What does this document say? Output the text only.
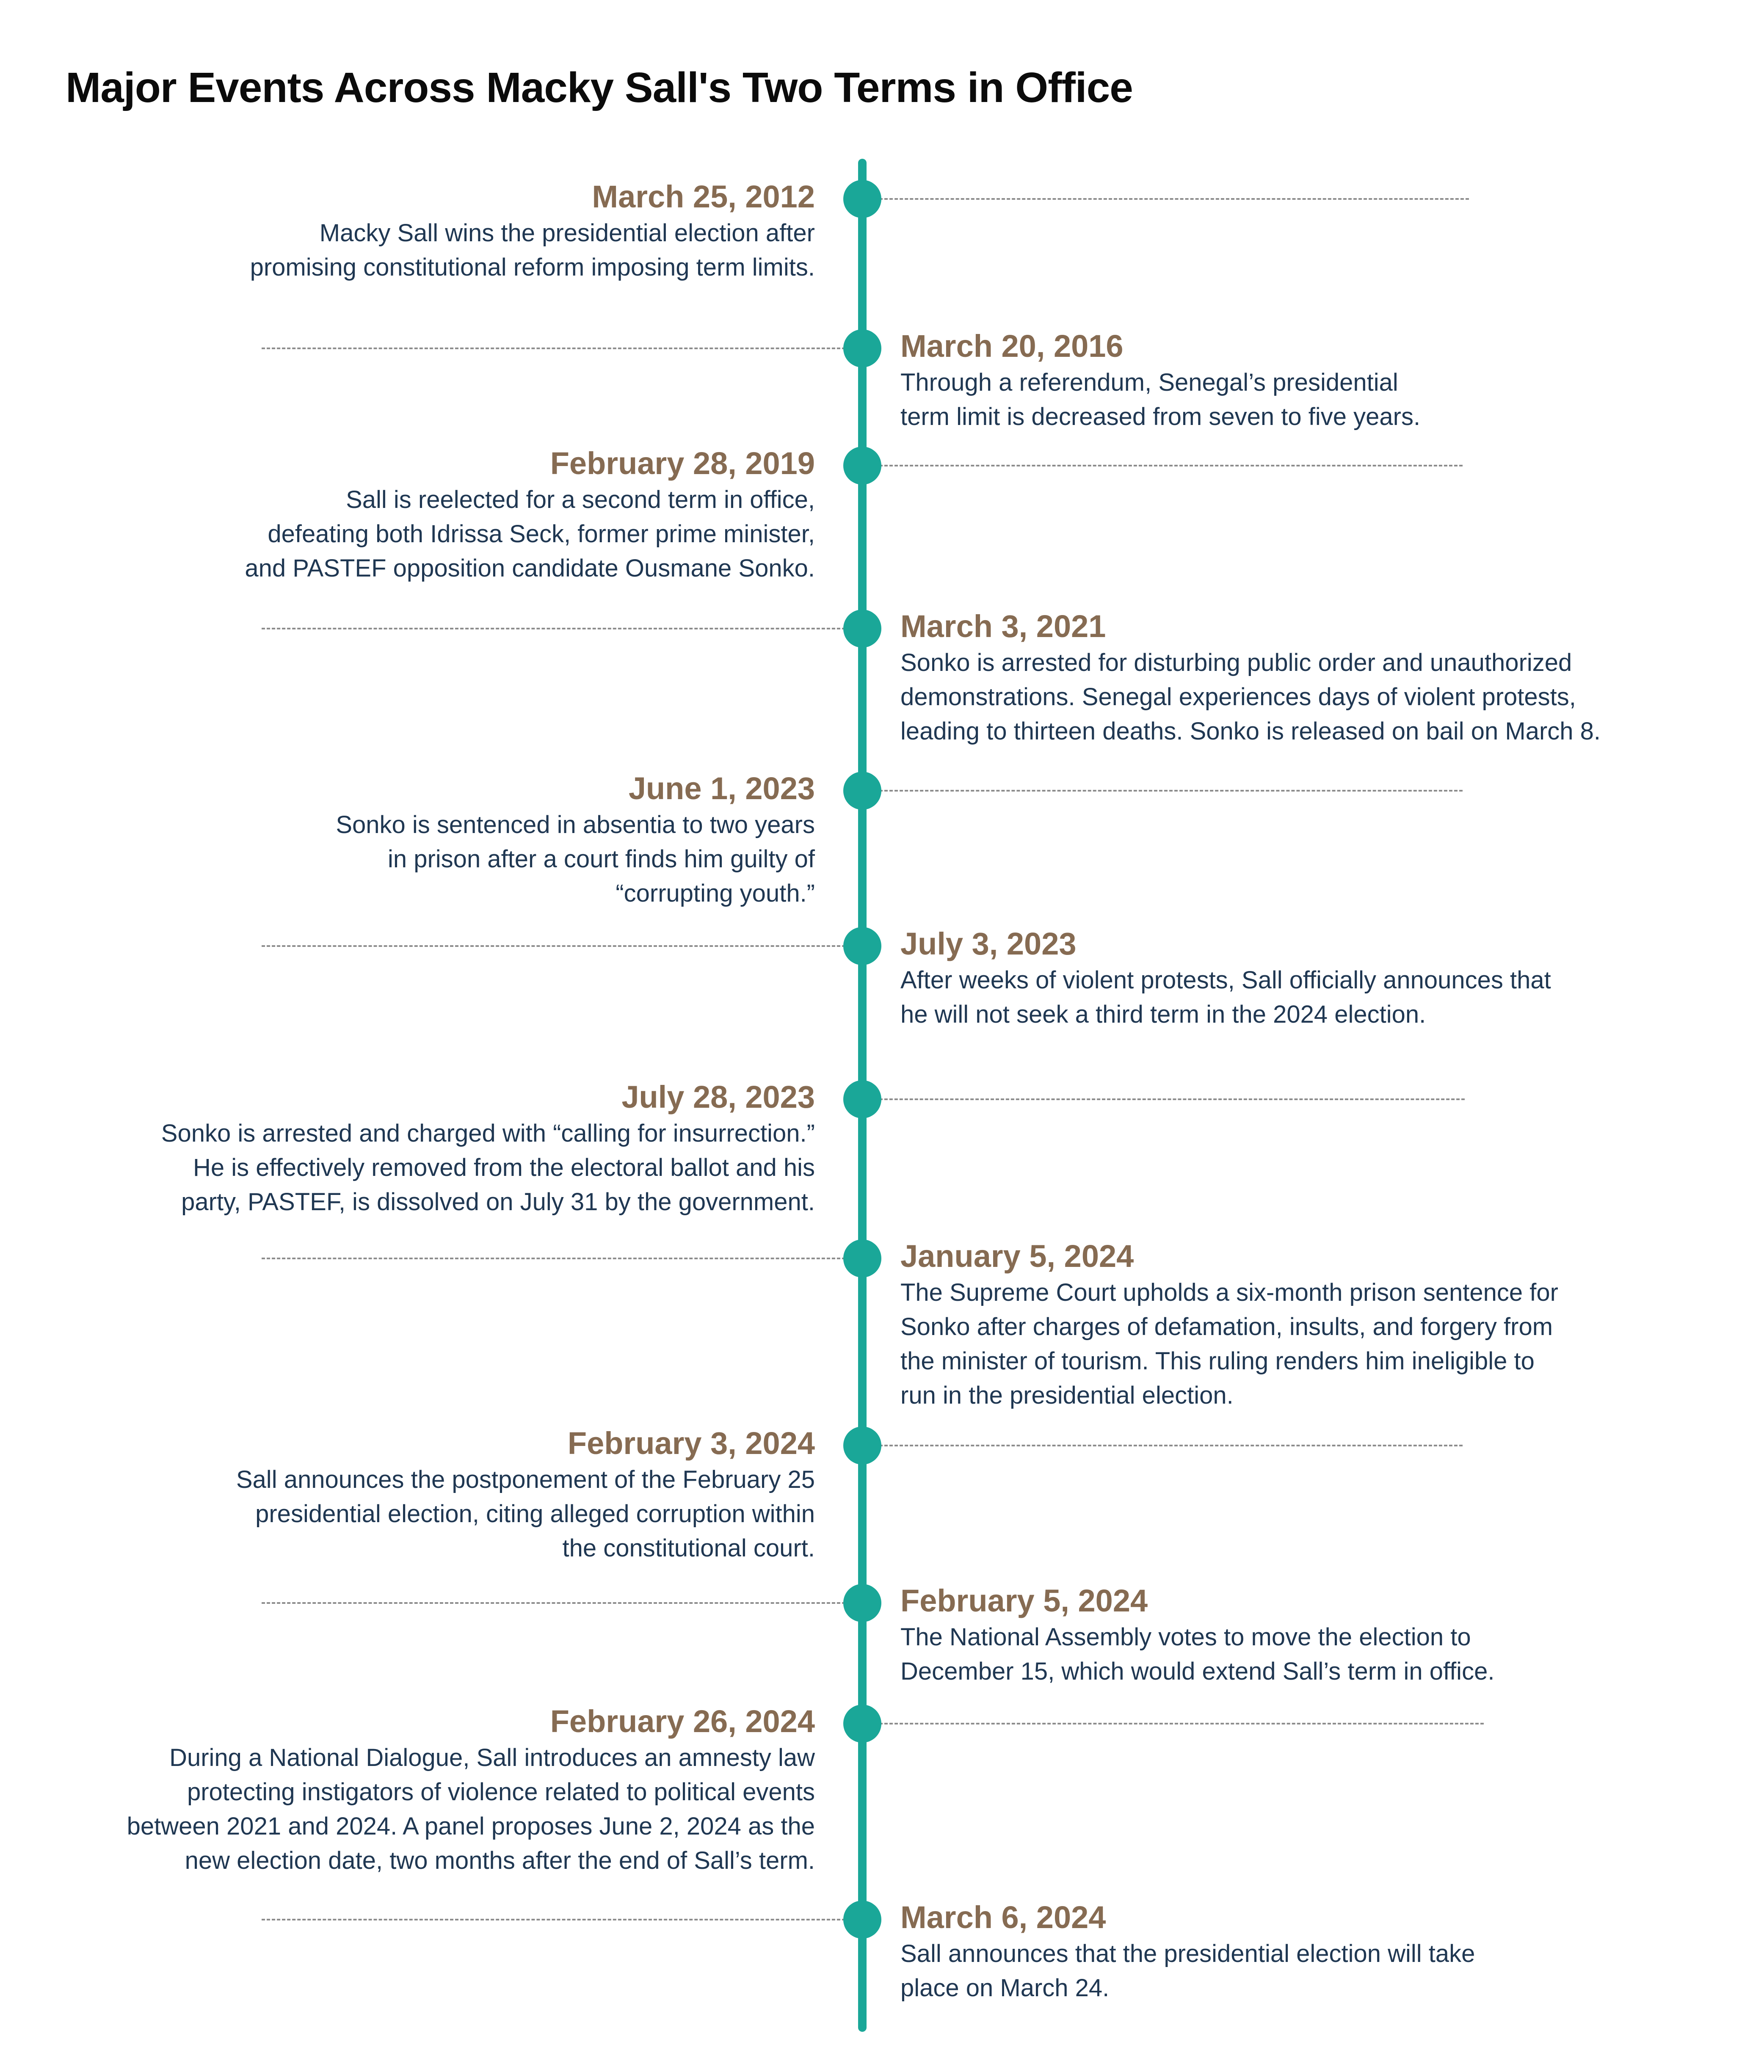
Major Events Across Macky Sall's Two Terms in Office
March 25, 2012
Macky Sall wins the presidential election after
promising constitutional reform imposing term limits.
March 20, 2016
Through a referendum, Senegal’s presidential
term limit is decreased from seven to five years.
February 28, 2019
Sall is reelected for a second term in office,
defeating both Idrissa Seck, former prime minister,
and PASTEF opposition candidate Ousmane Sonko.
March 3, 2021
Sonko is arrested for disturbing public order and unauthorized
demonstrations. Senegal experiences days of violent protests,
leading to thirteen deaths. Sonko is released on bail on March 8.
June 1, 2023
Sonko is sentenced in absentia to two years
in prison after a court finds him guilty of
“corrupting youth.”
July 3, 2023
After weeks of violent protests, Sall officially announces that
he will not seek a third term in the 2024 election.
July 28, 2023
Sonko is arrested and charged with “calling for insurrection.”
He is effectively removed from the electoral ballot and his
party, PASTEF, is dissolved on July 31 by the government.
January 5, 2024
The Supreme Court upholds a six-month prison sentence for
Sonko after charges of defamation, insults, and forgery from
the minister of tourism. This ruling renders him ineligible to
run in the presidential election.
February 3, 2024
Sall announces the postponement of the February 25
presidential election, citing alleged corruption within
the constitutional court.
February 5, 2024
The National Assembly votes to move the election to
December 15, which would extend Sall’s term in office.
February 26, 2024
During a National Dialogue, Sall introduces an amnesty law
protecting instigators of violence related to political events
between 2021 and 2024. A panel proposes June 2, 2024 as the
new election date, two months after the end of Sall’s term.
March 6, 2024
Sall announces that the presidential election will take
place on March 24.
